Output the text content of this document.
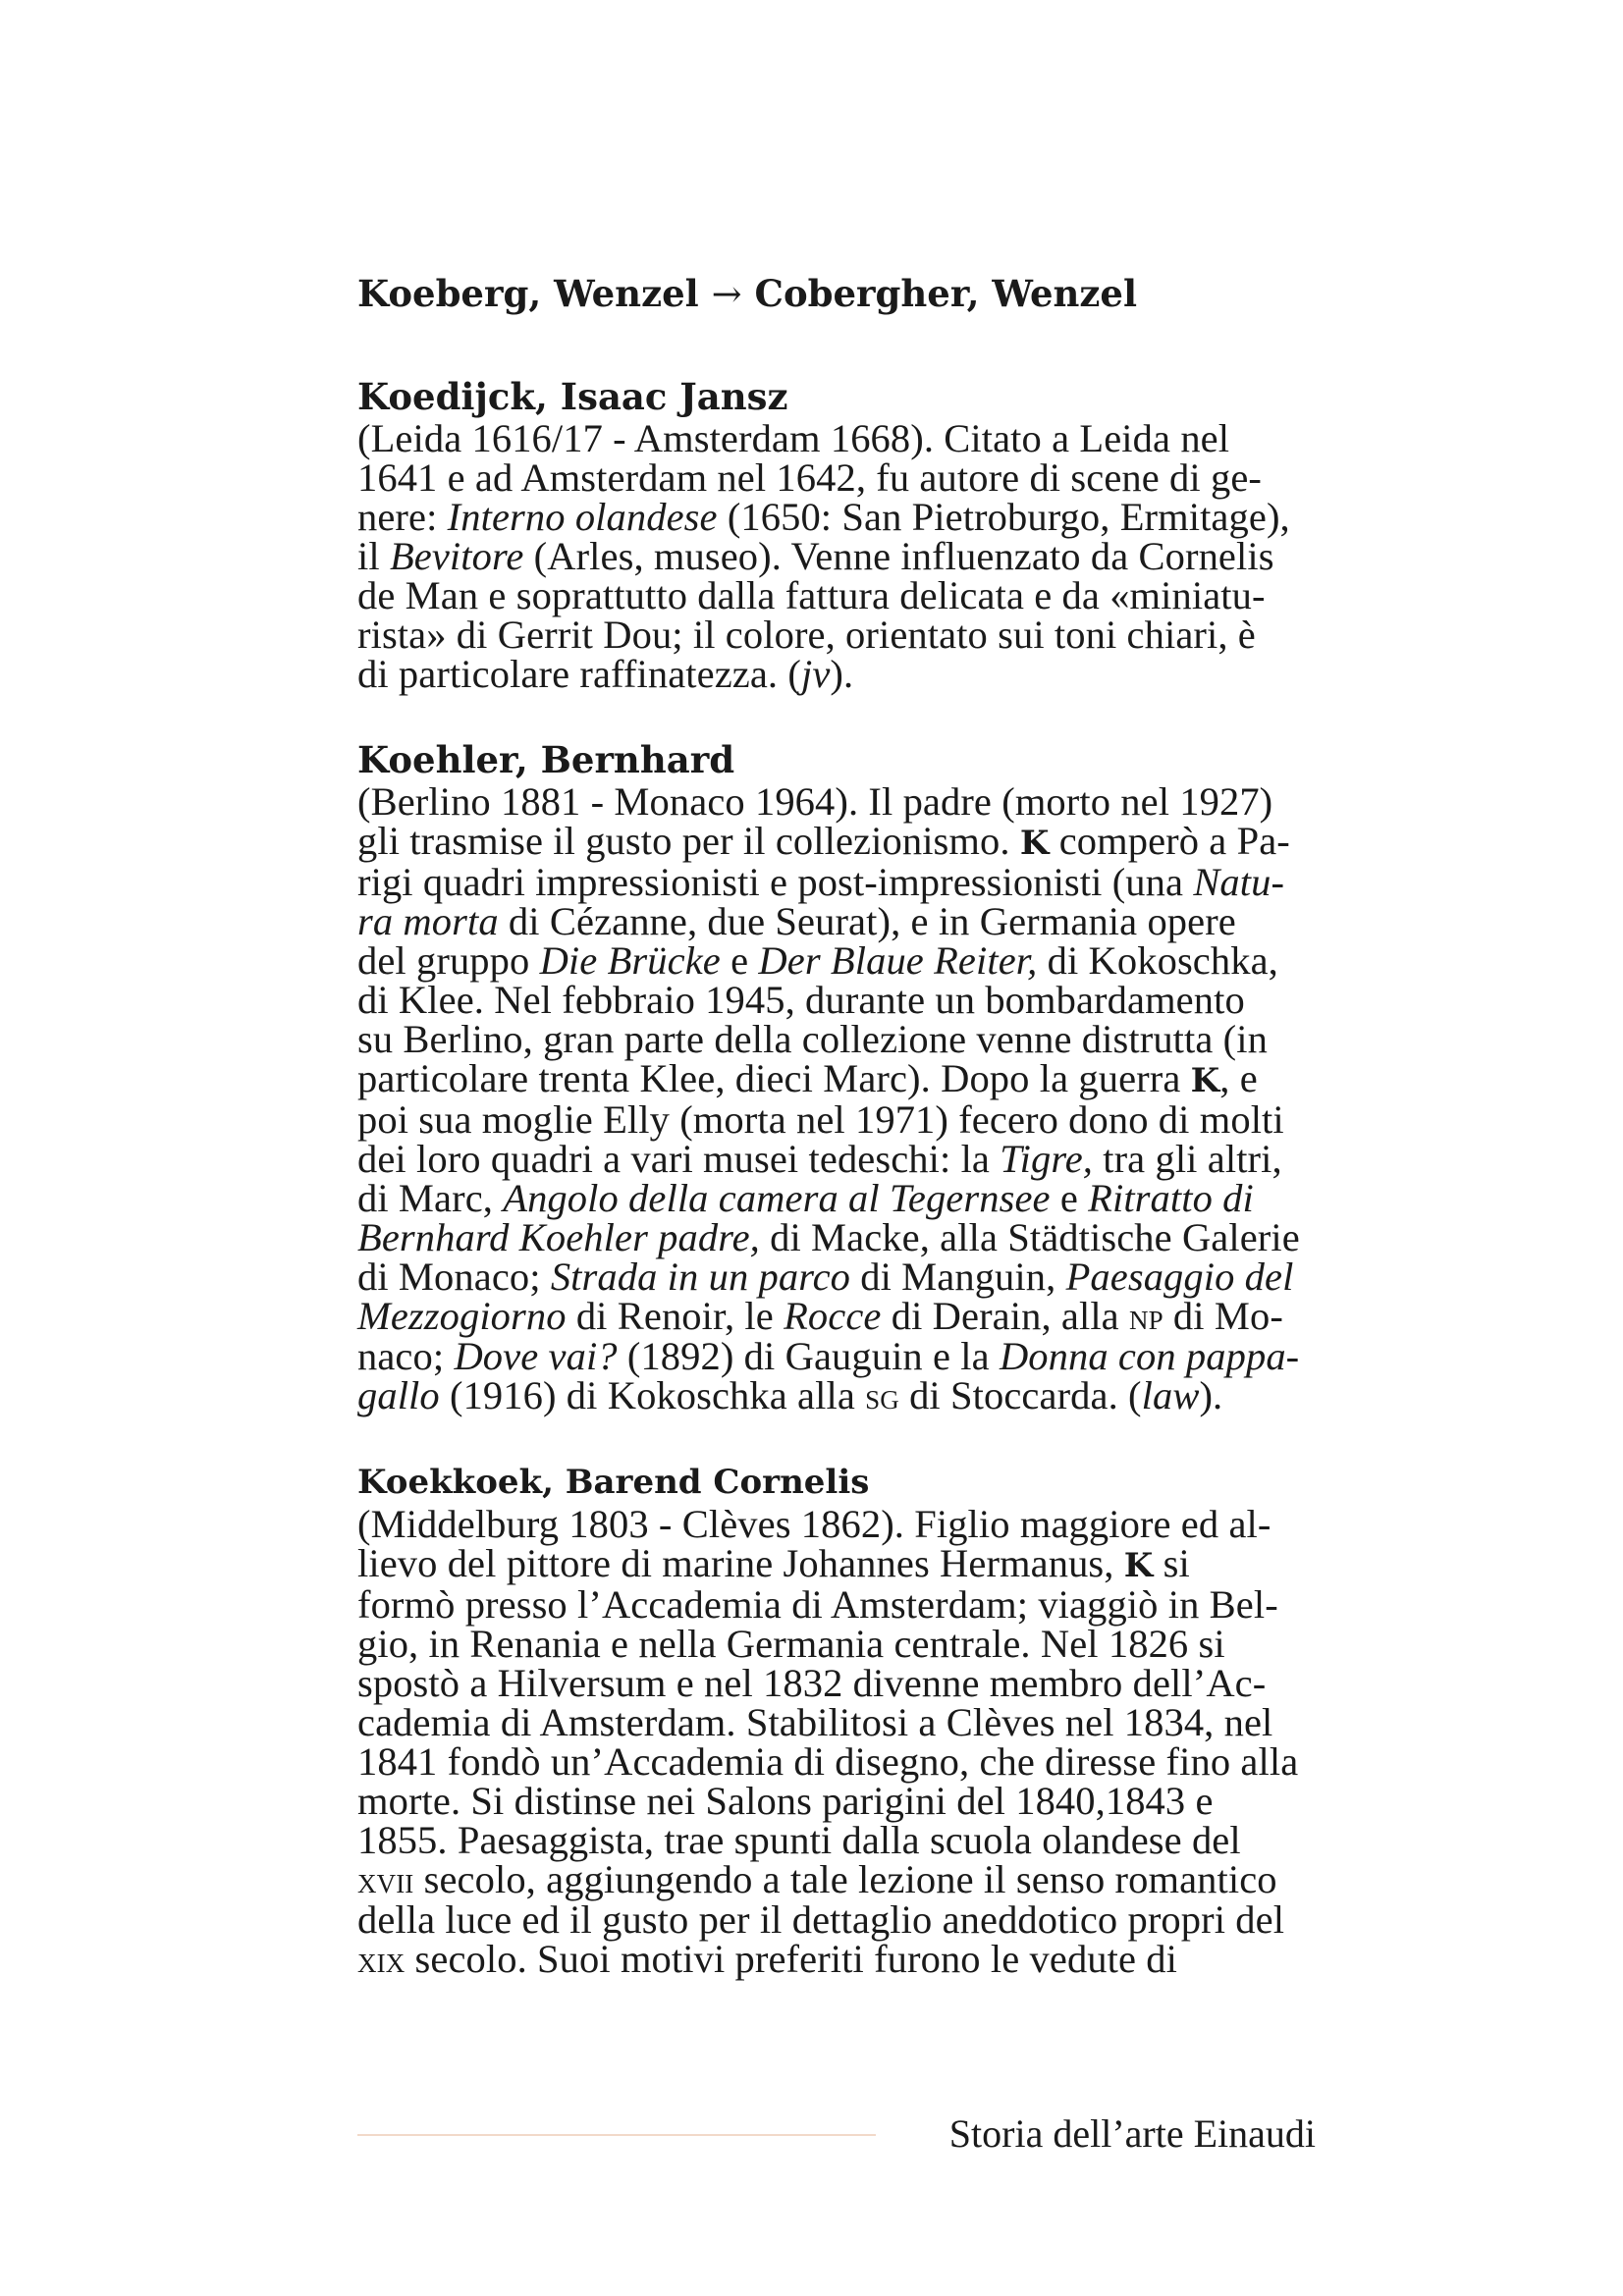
Koeberg, Wenzel → Cobergher, Wenzel
Koedijck, Isaac Jansz

(Leida 1616/17 - Amsterdam 1668). Citato a Leida nel
1641 e ad Amsterdam nel 1642, fu autore di scene di ge-
nere: Interno olandese (1650: San Pietroburgo, Ermitage),
il Bevitore (Arles, museo). Venne influenzato da Cornelis
de Man e soprattutto dalla fattura delicata e da «miniatu-
rista» di Gerrit Dou; il colore, orientato sui toni chiari, è
di particolare raffinatezza. (jv).

Koehler, Bernhard

(Berlino 1881 - Monaco 1964). Il padre (morto nel 1927)
gli trasmise il gusto per il collezionismo. K comperò a Pa-
rigi quadri impressionisti e post-impressionisti (una Natu-
ra morta di Cézanne, due Seurat), e in Germania opere
del gruppo Die Brücke e Der Blaue Reiter, di Kokoschka,
di Klee. Nel febbraio 1945, durante un bombardamento
su Berlino, gran parte della collezione venne distrutta (in
particolare trenta Klee, dieci Marc). Dopo la guerra K, e
poi sua moglie Elly (morta nel 1971) fecero dono di molti
dei loro quadri a vari musei tedeschi: la Tigre, tra gli altri,
di Marc, Angolo della camera al Tegernsee e Ritratto di
Bernhard Koehler padre, di Macke, alla Städtische Galerie
di Monaco; Strada in un parco di Manguin, Paesaggio del
Mezzogiorno di Renoir, le Rocce di Derain, alla np di Mo-
naco; Dove vai? (1892) di Gauguin e la Donna con pappa-
gallo (1916) di Kokoschka alla sg di Stoccarda. (law).

Koekkoek, Barend Cornelis

(Middelburg 1803 - Clèves 1862). Figlio maggiore ed al-
lievo del pittore di marine Johannes Hermanus, K si
formò presso l’Accademia di Amsterdam; viaggiò in Bel-
gio, in Renania e nella Germania centrale. Nel 1826 si
spostò a Hilversum e nel 1832 divenne membro dell’Ac-
cademia di Amsterdam. Stabilitosi a Clèves nel 1834, nel
1841 fondò un’Accademia di disegno, che diresse fino alla
morte. Si distinse nei Salons parigini del 1840,1843 e
1855. Paesaggista, trae spunti dalla scuola olandese del
xvii secolo, aggiungendo a tale lezione il senso romantico
della luce ed il gusto per il dettaglio aneddotico propri del
xix secolo. Suoi motivi preferiti furono le vedute di

Storia dell’arte Einaudi
